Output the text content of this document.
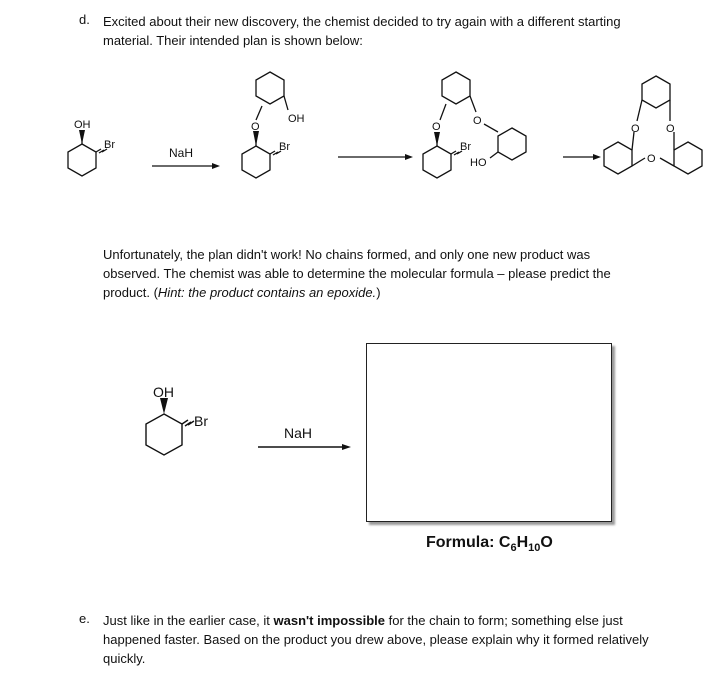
d. Excited about their new discovery, the chemist decided to try again with a different starting
material. Their intended plan is shown below:
OH
Br
NaH
O
OH
Br
O	O
Br
HO
O O
O
Unfortunately, the plan didn't work! No chains formed, and only one new product was
observed. The chemist was able to determine the molecular formula – please predict the
product. (Hint: the product contains an epoxide.)
OH
Br
NaH
Formula: $C_6H_{10}O$
e. Just like in the earlier case, it wasn't impossible for the chain to form; something else just
happened faster. Based on the product you drew above, please explain why it formed relatively
quickly.
